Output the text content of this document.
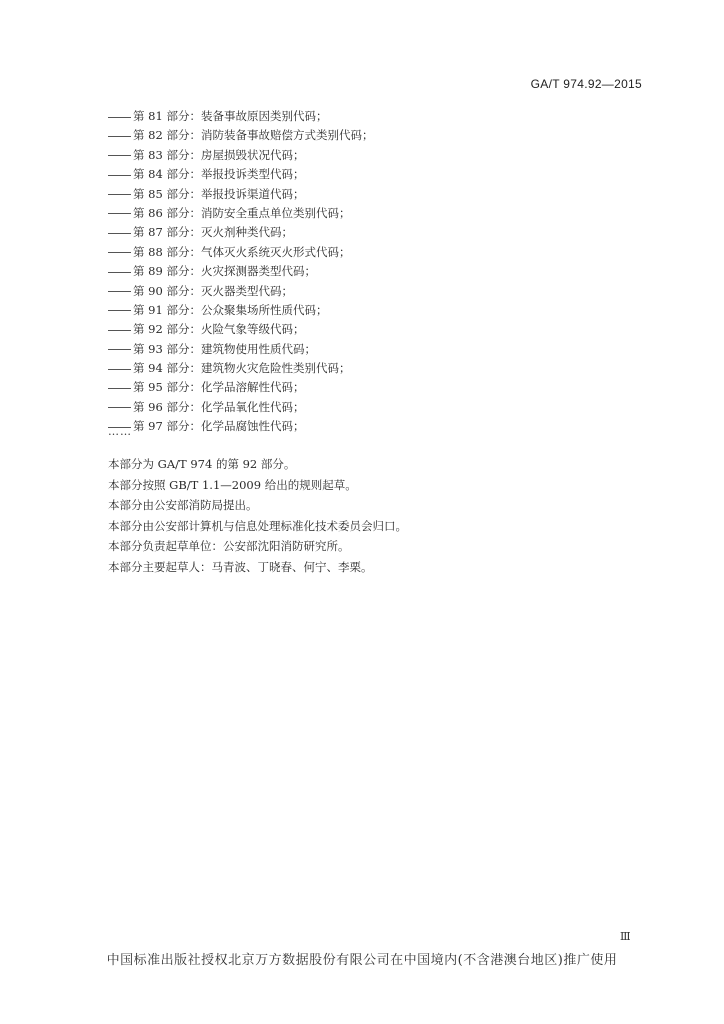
GA/T 974.92—2015
第 81 部分：装备事故原因类别代码；
第 82 部分：消防装备事故赔偿方式类别代码；
第 83 部分：房屋损毁状况代码；
第 84 部分：举报投诉类型代码；
第 85 部分：举报投诉渠道代码；
第 86 部分：消防安全重点单位类别代码；
第 87 部分：灭火剂种类代码；
第 88 部分：气体灭火系统灭火形式代码；
第 89 部分：火灾探测器类型代码；
第 90 部分：灭火器类型代码；
第 91 部分：公众聚集场所性质代码；
第 92 部分：火险气象等级代码；
第 93 部分：建筑物使用性质代码；
第 94 部分：建筑物火灾危险性类别代码；
第 95 部分：化学品溶解性代码；
第 96 部分：化学品氧化性代码；
第 97 部分：化学品腐蚀性代码；
……

本部分为 GA/T 974 的第 92 部分。

本部分按照 GB/T 1.1—2009 给出的规则起草。

本部分由公安部消防局提出。

本部分由公安部计算机与信息处理标准化技术委员会归口。

本部分负责起草单位：公安部沈阳消防研究所。

本部分主要起草人：马青波、丁晓春、何宁、李栗。

Ⅲ
中国标准出版社授权北京万方数据股份有限公司在中国境内(不含港澳台地区)推广使用
